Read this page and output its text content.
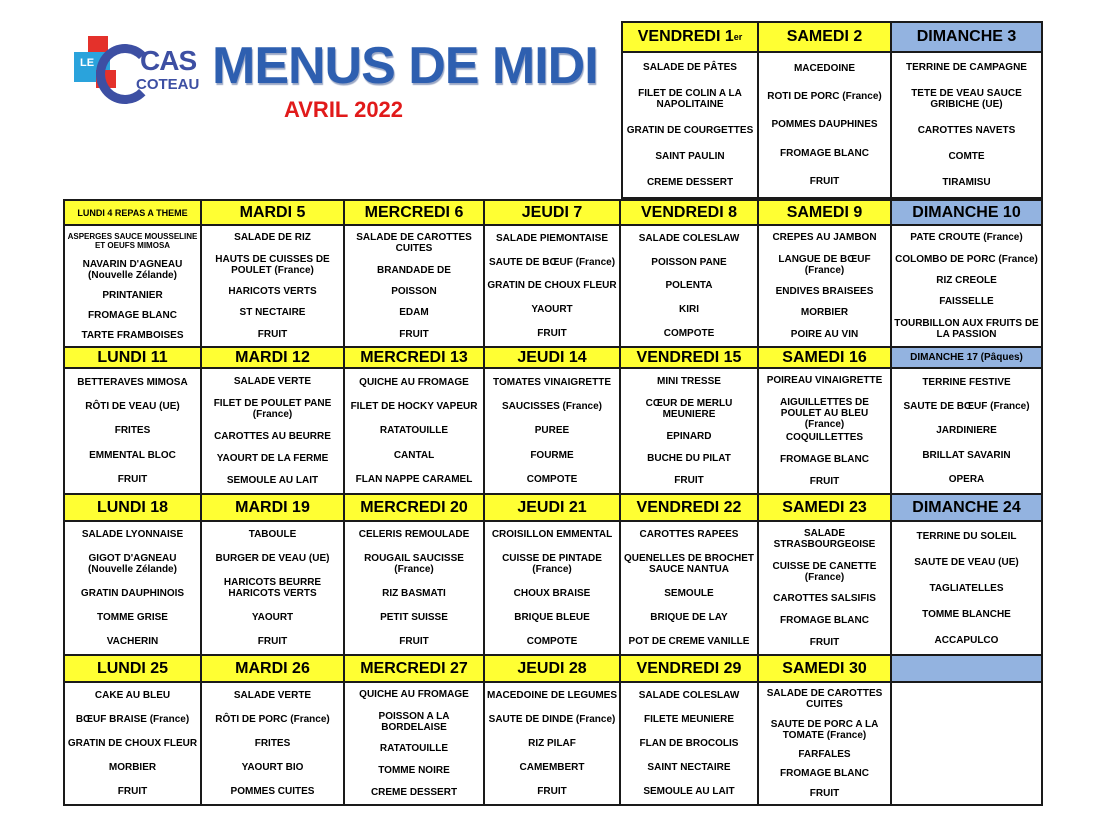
LE CAS
COTEAU MENUS DE MIDI
AVRIL 2022
VENDREDI 1 er
SALADE DE PÂTES
FILET DE COLIN A LA NAPOLITAINE
GRATIN DE COURGETTES
SAINT PAULIN
CREME DESSERT
SAMEDI 2
MACEDOINE
ROTI DE PORC (France)
POMMES DAUPHINES
FROMAGE BLANC
FRUIT
DIMANCHE 3
TERRINE DE CAMPAGNE
TETE DE VEAU SAUCE GRIBICHE (UE)
CAROTTES NAVETS
COMTE
TIRAMISU
LUNDI 4 REPAS A THEME
ASPERGES SAUCE MOUSSELINE ET OEUFS MIMOSA
NAVARIN D'AGNEAU (Nouvelle Zélande)
PRINTANIER
FROMAGE BLANC
TARTE FRAMBOISES
MARDI 5
SALADE DE RIZ
HAUTS DE CUISSES DE POULET (France)
HARICOTS VERTS
ST NECTAIRE
FRUIT
MERCREDI 6
SALADE DE CAROTTES CUITES
BRANDADE DE
POISSON
EDAM
FRUIT
JEUDI 7
SALADE PIEMONTAISE
SAUTE DE BŒUF (France)
GRATIN DE CHOUX FLEUR
YAOURT
FRUIT
VENDREDI 8
SALADE COLESLAW
POISSON PANE
POLENTA
KIRI
COMPOTE
SAMEDI 9
CREPES AU JAMBON
LANGUE DE BŒUF (France)
ENDIVES BRAISEES
MORBIER
POIRE AU VIN
DIMANCHE 10
PATE CROUTE (France)
COLOMBO DE PORC (France)
RIZ CREOLE
FAISSELLE
TOURBILLON AUX FRUITS DE LA PASSION
LUNDI 11
BETTERAVES MIMOSA
RÔTI DE VEAU (UE)
FRITES
EMMENTAL BLOC
FRUIT
MARDI 12
SALADE VERTE
FILET DE POULET PANE (France)
CAROTTES AU BEURRE
YAOURT DE LA FERME
SEMOULE AU LAIT
MERCREDI 13
QUICHE AU FROMAGE
FILET DE HOCKY VAPEUR
RATATOUILLE
CANTAL
FLAN NAPPE CARAMEL
JEUDI 14
TOMATES VINAIGRETTE
SAUCISSES (France)
PUREE
FOURME
COMPOTE
VENDREDI 15
MINI TRESSE
CŒUR DE MERLU MEUNIERE
EPINARD
BUCHE DU PILAT
FRUIT
SAMEDI 16
POIREAU VINAIGRETTE
AIGUILLETTES DE POULET AU BLEU (France)
COQUILLETTES
FROMAGE BLANC
FRUIT
DIMANCHE 17 (Pâques)
TERRINE FESTIVE
SAUTE DE BŒUF (France)
JARDINIERE
BRILLAT SAVARIN
OPERA
LUNDI 18
SALADE LYONNAISE
GIGOT D'AGNEAU (Nouvelle Zélande)
GRATIN DAUPHINOIS
TOMME GRISE
VACHERIN
MARDI 19
TABOULE
BURGER DE VEAU (UE)
HARICOTS BEURRE HARICOTS VERTS
YAOURT
FRUIT
MERCREDI 20
CELERIS REMOULADE
ROUGAIL SAUCISSE (France)
RIZ BASMATI
PETIT SUISSE
FRUIT
JEUDI 21
CROISILLON EMMENTAL
CUISSE DE PINTADE (France)
CHOUX BRAISE
BRIQUE BLEUE
COMPOTE
VENDREDI 22
CAROTTES RAPEES
QUENELLES DE BROCHET SAUCE NANTUA
SEMOULE
BRIQUE DE LAY
POT DE CREME VANILLE
SAMEDI 23
SALADE STRASBOURGEOISE
CUISSE DE CANETTE (France)
CAROTTES SALSIFIS
FROMAGE BLANC
FRUIT
DIMANCHE 24
TERRINE DU SOLEIL
SAUTE DE VEAU (UE)
TAGLIATELLES
TOMME BLANCHE
ACCAPULCO
LUNDI 25
CAKE AU BLEU
BŒUF BRAISE (France)
GRATIN DE CHOUX FLEUR
MORBIER
FRUIT
MARDI 26
SALADE VERTE
RÔTI DE PORC (France)
FRITES
YAOURT BIO
POMMES CUITES
MERCREDI 27
QUICHE AU FROMAGE
POISSON A LA BORDELAISE
RATATOUILLE
TOMME NOIRE
CREME DESSERT
JEUDI 28
MACEDOINE DE LEGUMES
SAUTE DE DINDE (France)
RIZ PILAF
CAMEMBERT
FRUIT
VENDREDI 29
SALADE COLESLAW
FILETE MEUNIERE
FLAN DE BROCOLIS
SAINT NECTAIRE
SEMOULE AU LAIT
SAMEDI 30
SALADE DE CAROTTES CUITES
SAUTE DE PORC A LA TOMATE (France)
FARFALES
FROMAGE BLANC
FRUIT
